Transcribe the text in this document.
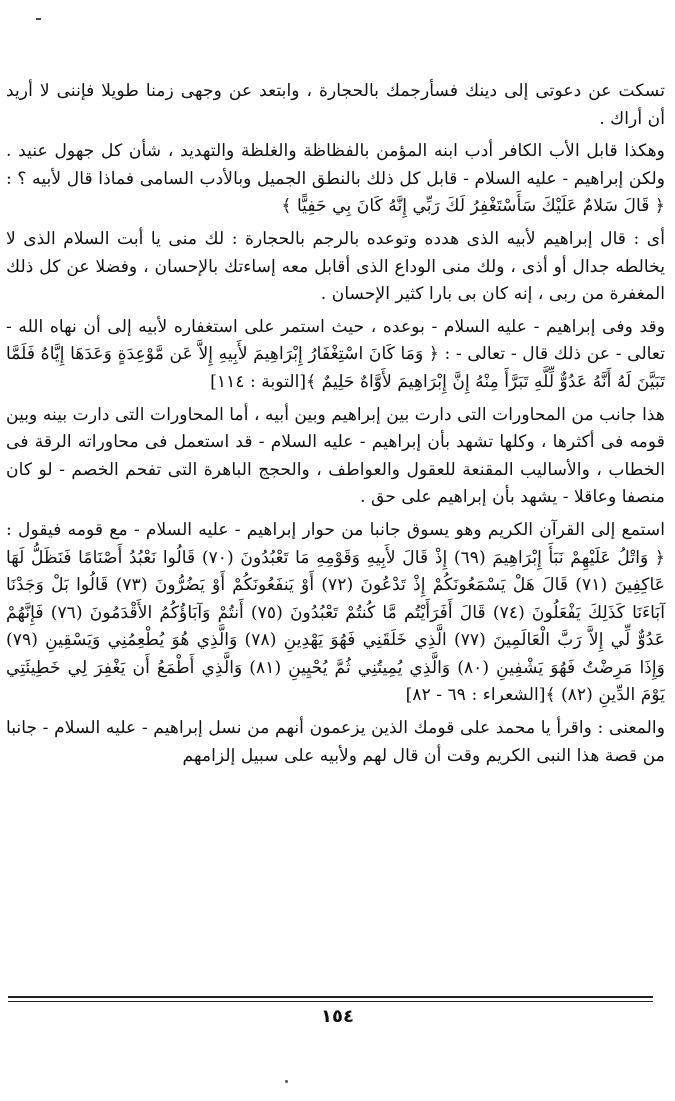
تسكت عن دعوتى إلى دينك فسأرجمك بالحجارة ، وابتعد عن وجهى زمنا طويلا فإننى لا أريد أن أراك .

وهكذا قابل الأب الكافر أدب ابنه المؤمن بالفظاظة والغلظة والتهديد ، شأن كل جهول عنيد . ولكن إبراهيم - عليه السلام - قابل كل ذلك بالنطق الجميل وبالأدب السامى فماذا قال لأبيه ؟ : ﴿ قَالَ سَلامٌ عَلَيْكَ سَأَسْتَغْفِرُ لَكَ رَبِّي إِنَّهُ كَانَ بِي حَفِيًّا ﴾

أى : قال إبراهيم لأبيه الذى هدده وتوعده بالرجم بالحجارة : لك منى يا أبت السلام الذى لا يخالطه جدال أو أذى ، ولك منى الوداع الذى أقابل معه إساءتك بالإحسان ، وفضلا عن كل ذلك المغفرة من ربى ، إنه كان بى بارا كثير الإحسان .

وقد وفى إبراهيم - عليه السلام - بوعده ، حيث استمر على استغفاره لأبيه إلى أن نهاه الله - تعالى - عن ذلك قال - تعالى - : ﴿ وَمَا كَانَ اسْتِغْفَارُ إِبْرَاهِيمَ لأَبِيهِ إِلاَّ عَن مَّوْعِدَةٍ وَعَدَهَا إِيَّاهُ فَلَمَّا تَبَيَّنَ لَهُ أَنَّهُ عَدُوٌّ لِّلَّهِ تَبَرَّأَ مِنْهُ إِنَّ إِبْرَاهِيمَ لأَوَّاهٌ حَلِيمٌ ﴾[التوبة : ١١٤]

هذا جانب من المحاورات التى دارت بين إبراهيم وبين أبيه ، أما المحاورات التى دارت بينه وبين قومه فى أكثرها ، وكلها تشهد بأن إبراهيم - عليه السلام - قد استعمل فى محاوراته الرقة فى الخطاب ، والأساليب المقنعة للعقول والعواطف ، والحجج الباهرة التى تفحم الخصم - لو كان منصفا وعاقلا - يشهد بأن إبراهيم على حق .

استمع إلى القرآن الكريم وهو يسوق جانبا من حوار إبراهيم - عليه السلام - مع قومه فيقول : ﴿ وَاتْلُ عَلَيْهِمْ نَبَأَ إِبْرَاهِيمَ (٦٩) إِذْ قَالَ لأَبِيهِ وَقَوْمِهِ مَا تَعْبُدُونَ (٧٠) قَالُوا نَعْبُدُ أَصْنَامًا فَنَظَلُّ لَهَا عَاكِفِينَ (٧١) قَالَ هَلْ يَسْمَعُونَكُمْ إِذْ تَدْعُونَ (٧٢) أَوْ يَنفَعُونَكُمْ أَوْ يَضُرُّونَ (٧٣) قَالُوا بَلْ وَجَدْنَا آبَاءَنَا كَذَلِكَ يَفْعَلُونَ (٧٤) قَالَ أَفَرَأَيْتُم مَّا كُنتُمْ تَعْبُدُونَ (٧٥) أَنتُمْ وَآبَاؤُكُمُ الأَقْدَمُونَ (٧٦) فَإِنَّهُمْ عَدُوٌّ لِّي إِلاَّ رَبَّ الْعَالَمِينَ (٧٧) الَّذِي خَلَقَنِي فَهُوَ يَهْدِينِ (٧٨) وَالَّذِي هُوَ يُطْعِمُنِي وَيَسْقِينِ (٧٩) وَإِذَا مَرِضْتُ فَهُوَ يَشْفِينِ (٨٠) وَالَّذِي يُمِيتُنِي ثُمَّ يُحْيِينِ (٨١) وَالَّذِي أَطْمَعُ أَن يَغْفِرَ لِي خَطِيئَتِي يَوْمَ الدِّينِ (٨٢) ﴾[الشعراء : ٦٩ - ٨٢]

والمعنى : واقرأ يا محمد على قومك الذين يزعمون أنهم من نسل إبراهيم - عليه السلام - جانبا من قصة هذا النبى الكريم وقت أن قال لهم ولأبيه على سبيل إلزامهم

١٥٤
